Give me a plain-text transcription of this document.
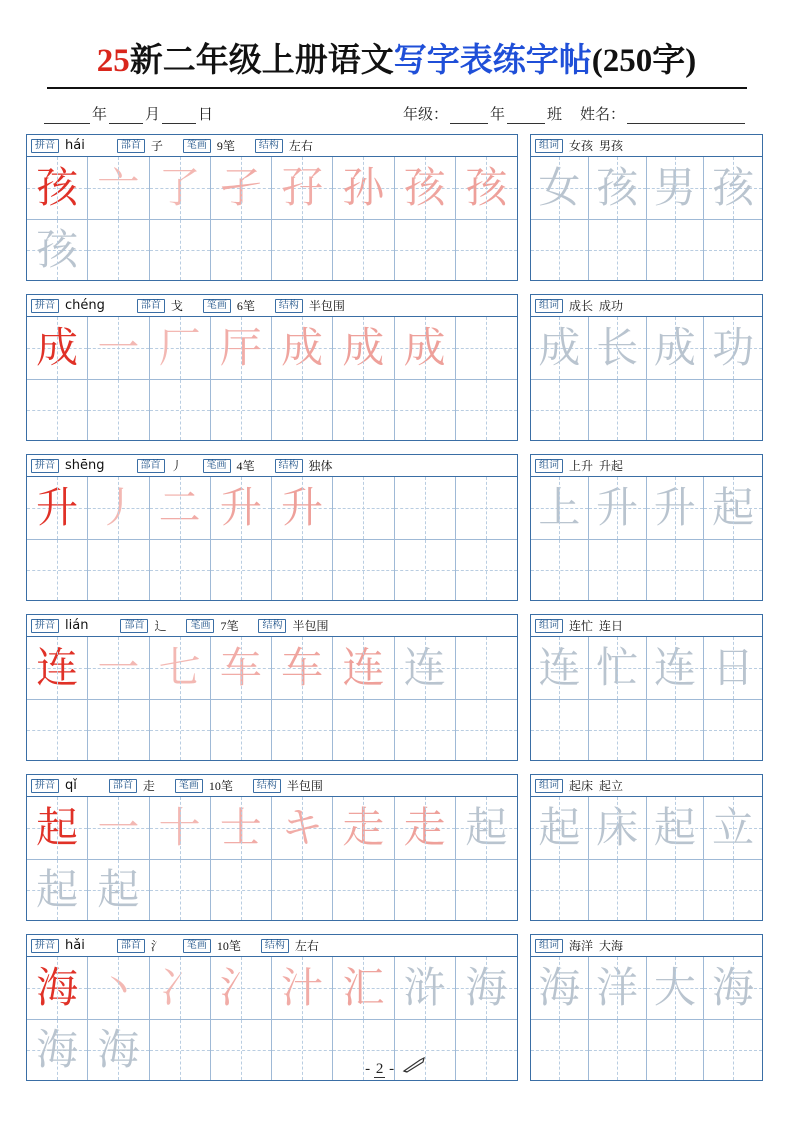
25新二年级上册语文写字表练字帖(250字)
年	月	日	年级：	年	班 姓名：
拼音 hái	部首 子	笔画 9笔	结构 左右
孩 亠 了 孑 孖 孙 孩 孩
孩
组词 女孩 男孩
女 孩 男 孩
拼音 chéng	部首 戈	笔画 6笔	结构 半包围
成 一 厂 厈 成 成 成
组词 成长 成功
成 长 成 功
拼音 shēng	部首 丿	笔画 4笔	结构 独体
升 丿 二 升 升
组词 上升 升起
上 升 升 起
拼音 lián	部首 辶	笔画 7笔	结构 半包围
连 一 七 车 车 连 连
组词 连忙 连日
连 忙 连 日
拼音 qǐ	部首 走	笔画 10笔	结构 半包围
起 一 十 士 キ 走 走 起
起 起
组词 起床 起立
起 床 起 立
拼音 hǎi	部首 氵	笔画 10笔	结构 左右
海 丶 冫 氵 汁 汇 浒 海
海 海
组词 海洋 大海
海 洋 大 海
- 2 -
